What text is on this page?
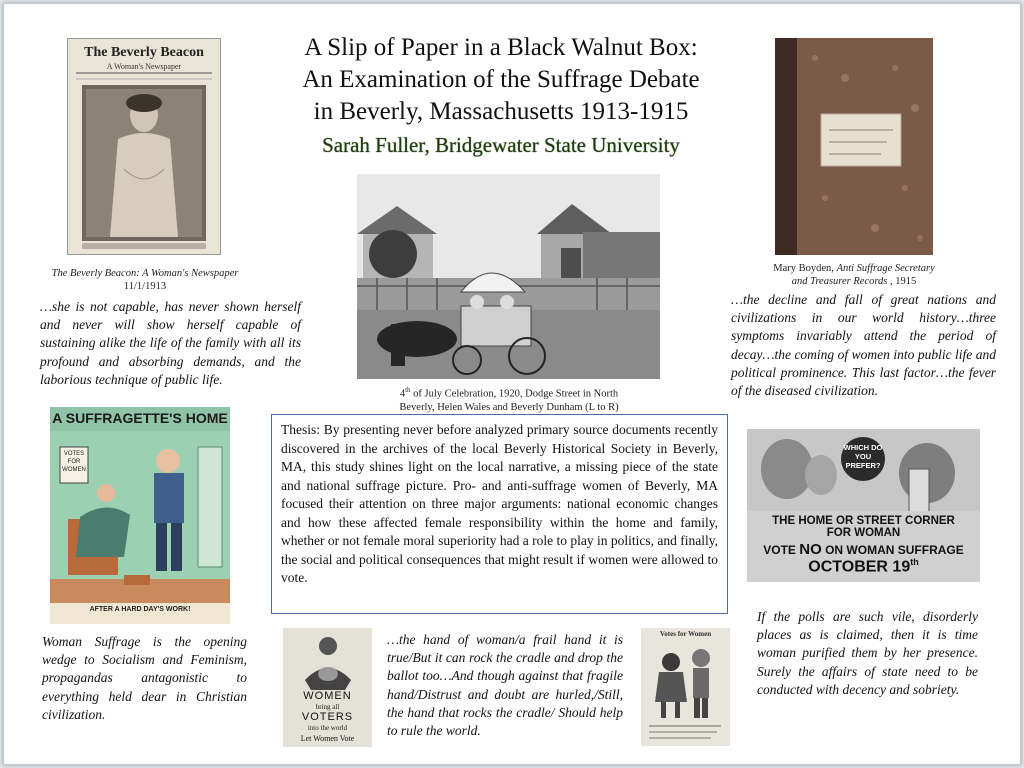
A Slip of Paper in a Black Walnut Box:
An Examination of the Suffrage Debate
in Beverly, Massachusetts 1913-1915
Sarah Fuller, Bridgewater State University
The Beverly Beacon
A Woman's Newspaper
The Beverly Beacon: A Woman's Newspaper
11/1/1913
…she is not capable, has never shown herself and never will show herself capable of sustaining alike the life of the family with all its profound and absorbing demands, and the laborious technique of public life.
4th of July Celebration, 1920, Dodge Street in North
Beverly, Helen Wales and Beverly Dunham (L to R)
Mary Boyden, Anti Suffrage Secretary
and Treasurer Records , 1915
…the decline and fall of great nations and civilizations in our world history…three symptoms invariably attend the period of decay…the coming of women into public life and political prominence. This last factor…the fever of the diseased civilization.
Thesis: By presenting never before analyzed primary source documents recently discovered in the archives of the local Beverly Historical Society in Beverly, MA, this study shines light on the local narrative, a missing piece of the state and national suffrage picture. Pro- and anti-suffrage women of Beverly, MA focused their attention on three major arguments: national economic changes and how these affected female responsibility within the home and family, whether or not female moral superiority had a role to play in politics, and finally, the social and political consequences that might result if women were allowed to vote.
A SUFFRAGETTE'S HOME
VOTES FOR WOMEN
AFTER A HARD DAY'S WORK!
Woman Suffrage is the opening wedge to Socialism and Feminism, propagandas antagonistic to everything held dear in Christian civilization.
WOMEN
bring all
VOTERS
into the world
Let Women Vote
…the hand of woman/a frail hand it is true/But it can rock the cradle and drop the ballot too…And though against that fragile hand/Distrust and doubt are hurled,/Still, the hand that rocks the cradle/ Should help to rule the world.
Votes for Women
WHICH DO YOU PREFER?
THE HOME OR STREET CORNER
FOR WOMAN
VOTE NO ON WOMAN SUFFRAGE
OCTOBER 19th
If the polls are such vile, disorderly places as is claimed, then it is time woman purified them by her presence. Surely the affairs of state need to be conducted with decency and sobriety.
